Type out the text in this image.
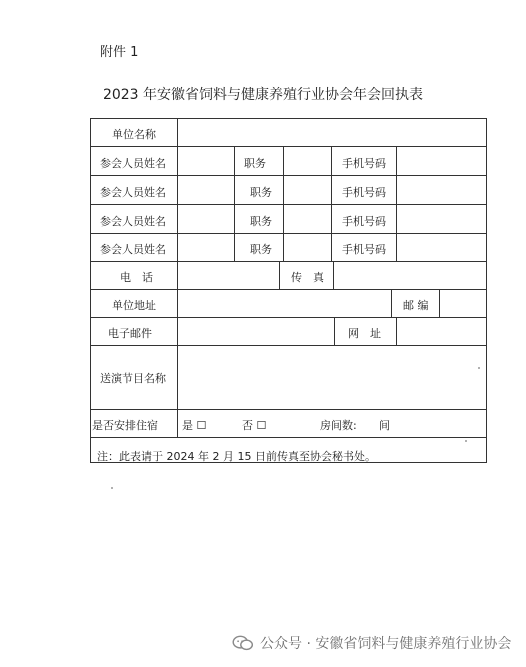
附件 1
2023 年安徽省饲料与健康养殖行业协会年会回执表
单位名称
参会人员姓名	职务	手机号码
参会人员姓名	职务	手机号码
参会人员姓名	职务	手机号码
参会人员姓名	职务	手机号码
电　话	传　真
单位地址	邮 编
电子邮件	网　址
送演节目名称
是否安排住宿 是 ☐	否 ☐	房间数: 间
注：此表请于 2024 年 2 月 15 日前传真至协会秘书处。
公众号 · 安徽省饲料与健康养殖行业协会
